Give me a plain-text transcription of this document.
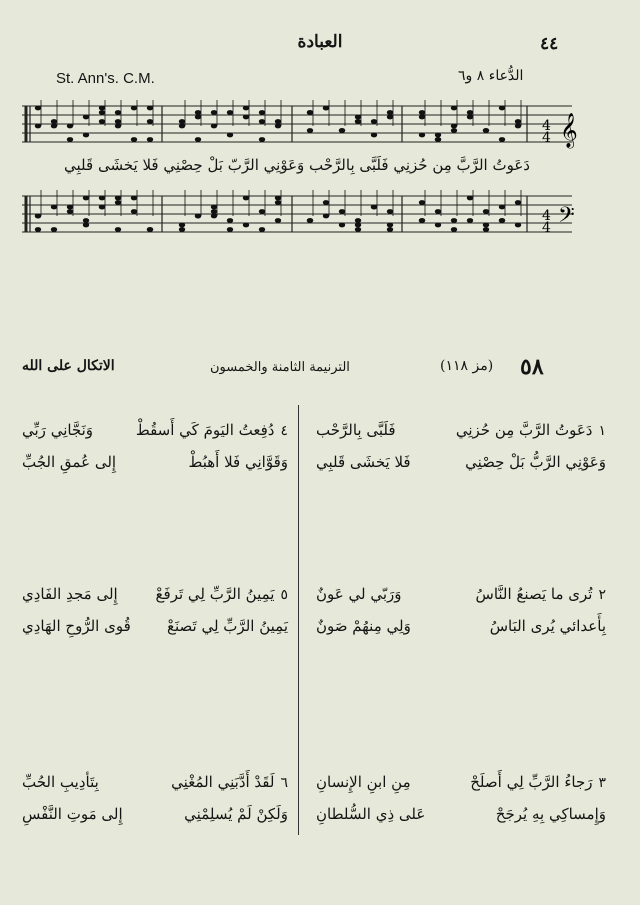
العبادة	٤٤
St. Ann's. C.M.	الدُّعاء ٨ و٦
4
4 𝄞
دَعَوتُ الرَّبَّ مِن حُزنِي فَلَبَّى بِالرَّحْب وَعَوْنِي الرَّبّ بَلْ حِصْنِي فَلا يَخشَى قَلبِي
4
4 𝄢
٥٨
(مز ١١٨)
الترنيمة الثامنة والخمسون
الاتكال على الله
١دَعَوتُ الرَّبَّ مِن حُزنِي
فَلَبَّى بِالرَّحْب
وَعَوْنِي الرَّبُّ بَلْ حِصْنِي
فَلا يَخشَى قَلبِي
٢تُرى ما يَصنعُ النَّاسُ
وَرَبّي لي عَونٌ
بِأَعدائي يُرى البَاسُ
وَلِي مِنهُمْ صَونٌ
٣رَجاءُ الرَّبِّ لِي أَصلَحْ
مِنِ ابنِ الإِنسانِ
وَإِمساكِي بِهِ يُرجَحْ
عَلى ذِي السُّلطانِ
٤دُفِعتُ اليَومَ كَي أَسقُطْ
وَنَجَّانِي رَبِّي
وَقَوَّانِي فَلا أَهبُطْ
إِلى عُمقِ الجُبِّ
٥يَمِينُ الرَّبِّ لِي تَرفَعْ
إِلى مَجدِ الفَادِي
يَمِينُ الرَّبِّ لِي تَصنَعْ
قُوى الرُّوحِ الهَادِي
٦لَقَدْ أَدَّبَنِي المُغْنِي
بِتَأدِيبِ الحُبِّ
وَلَكِنْ لَمْ يُسلِمْنِي
إِلى مَوتِ النَّفْسِ
